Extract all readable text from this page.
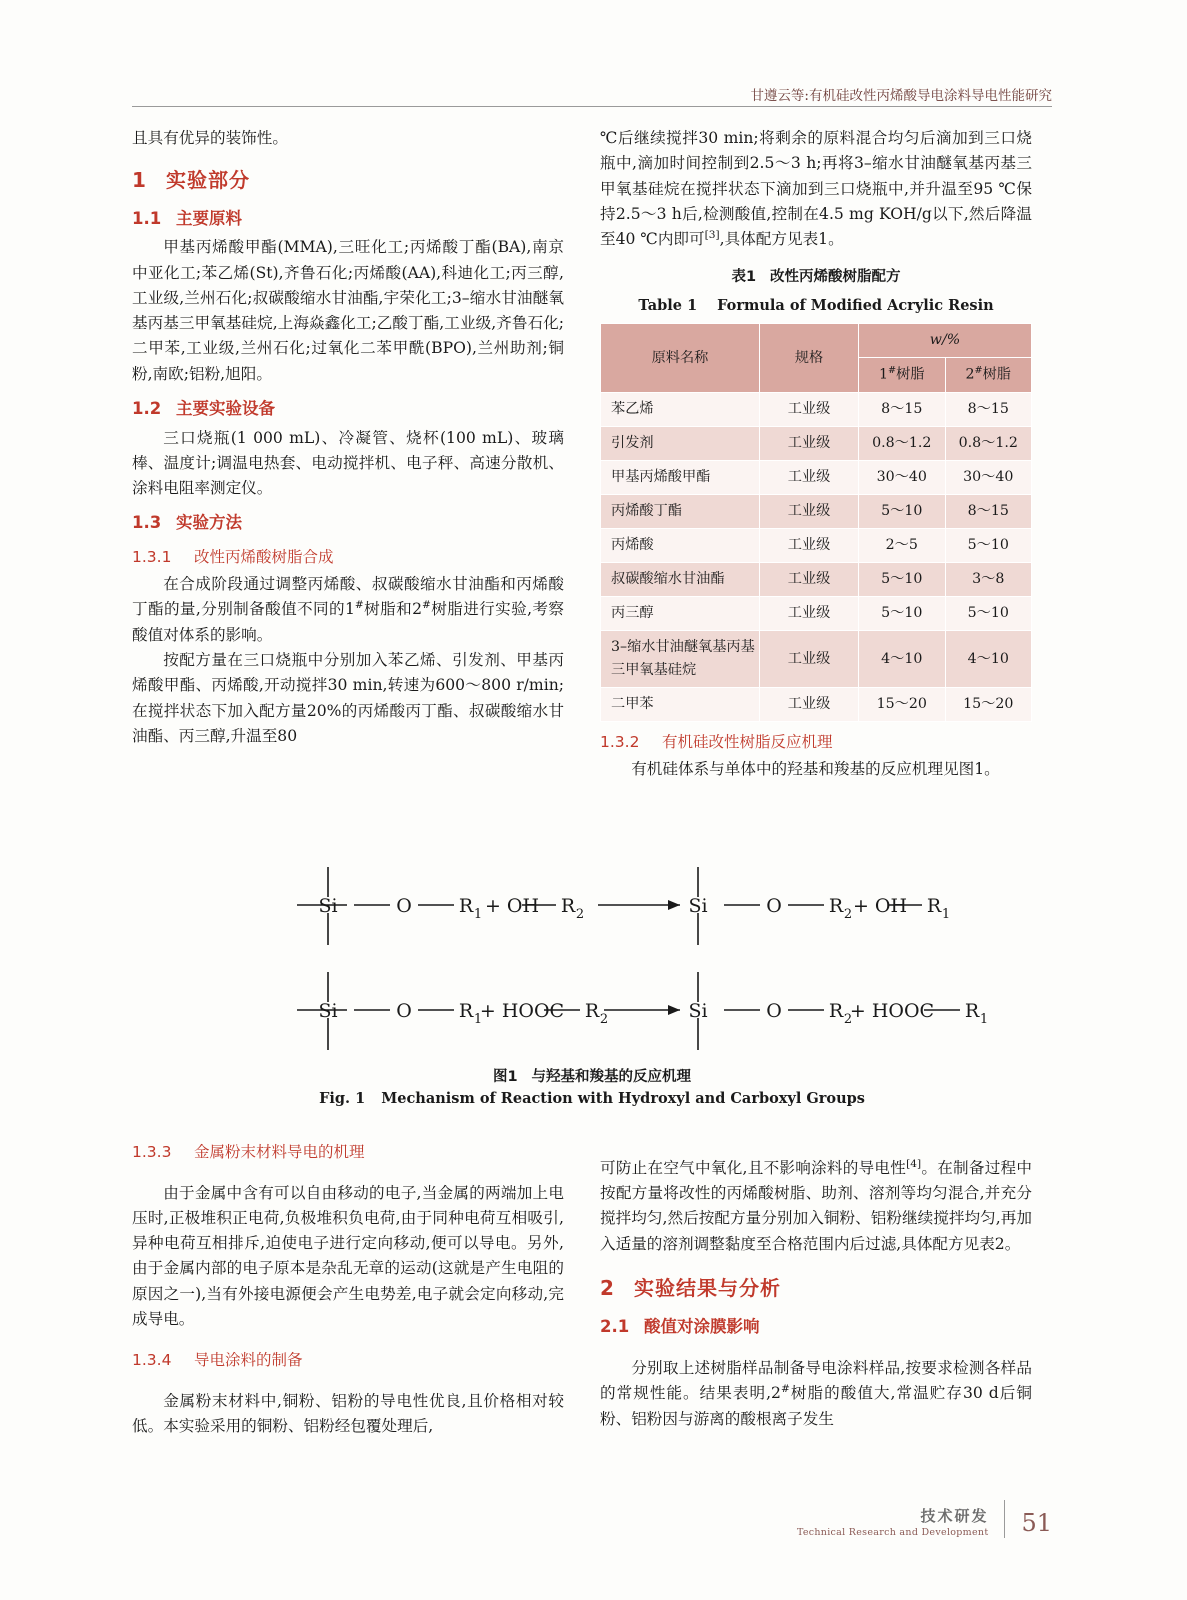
甘遵云等:有机硅改性丙烯酸导电涂料导电性能研究

且具有优异的装饰性。

1 实验部分
1.1 主要原料

甲基丙烯酸甲酯(MMA),三旺化工;丙烯酸丁酯(BA),南京中亚化工;苯乙烯(St),齐鲁石化;丙烯酸(AA),科迪化工;丙三醇,工业级,兰州石化;叔碳酸缩水甘油酯,宇荣化工;3–缩水甘油醚氧基丙基三甲氧基硅烷,上海焱鑫化工;乙酸丁酯,工业级,齐鲁石化;二甲苯,工业级,兰州石化;过氧化二苯甲酰(BPO),兰州助剂;铜粉,南欧;铝粉,旭阳。

1.2 主要实验设备

三口烧瓶(1 000 mL)、冷凝管、烧杯(100 mL)、玻璃棒、温度计;调温电热套、电动搅拌机、电子秤、高速分散机、涂料电阻率测定仪。

1.3 实验方法
1.3.1 改性丙烯酸树脂合成

在合成阶段通过调整丙烯酸、叔碳酸缩水甘油酯和丙烯酸丁酯的量,分别制备酸值不同的1#树脂和2#树脂进行实验,考察酸值对体系的影响。

按配方量在三口烧瓶中分别加入苯乙烯、引发剂、甲基丙烯酸甲酯、丙烯酸,开动搅拌30 min,转速为600～800 r/min;在搅拌状态下加入配方量20%的丙烯酸丙丁酯、叔碳酸缩水甘油酯、丙三醇,升温至80

℃后继续搅拌30 min;将剩余的原料混合均匀后滴加到三口烧瓶中,滴加时间控制到2.5～3 h;再将3–缩水甘油醚氧基丙基三甲氧基硅烷在搅拌状态下滴加到三口烧瓶中,并升温至95 ℃保持2.5～3 h后,检测酸值,控制在4.5 mg KOH/g以下,然后降温至40 ℃内即可[3],具体配方见表1。

表1 改性丙烯酸树脂配方
Table 1 Formula of Modified Acrylic Resin
原料名称	规格	w/%	
		1#树脂	2#树脂
苯乙烯	工业级	8～15	8～15
引发剂	工业级	0.8～1.2	0.8～1.2
甲基丙烯酸甲酯	工业级	30～40	30～40
丙烯酸丁酯	工业级	5～10	8～15
丙烯酸	工业级	2～5	5～10
叔碳酸缩水甘油酯	工业级	5～10	3～8
丙三醇	工业级	5～10	5～10
3–缩水甘油醚氧基丙基三甲氧基硅烷	工业级	4～10	4～10
二甲苯	工业级	15～20	15～20
1.3.2 有机硅改性树脂反应机理

有机硅体系与单体中的羟基和羧基的反应机理见图1。

Si	O R 1 + OH R 2	Si	O R 2 + OH R 1
Si	O R 1
+ HOOC R 2	Si	O R 2
+ HOOC R 1
图1 与羟基和羧基的反应机理
Fig. 1 Mechanism of Reaction with Hydroxyl and Carboxyl Groups
1.3.3 金属粉末材料导电的机理

由于金属中含有可以自由移动的电子,当金属的两端加上电压时,正极堆积正电荷,负极堆积负电荷,由于同种电荷互相吸引,异种电荷互相排斥,迫使电子进行定向移动,便可以导电。另外,由于金属内部的电子原本是杂乱无章的运动(这就是产生电阻的原因之一),当有外接电源便会产生电势差,电子就会定向移动,完成导电。

1.3.4 导电涂料的制备

金属粉末材料中,铜粉、铝粉的导电性优良,且价格相对较低。本实验采用的铜粉、铝粉经包覆处理后,

可防止在空气中氧化,且不影响涂料的导电性[4]。在制备过程中按配方量将改性的丙烯酸树脂、助剂、溶剂等均匀混合,并充分搅拌均匀,然后按配方量分别加入铜粉、铝粉继续搅拌均匀,再加入适量的溶剂调整黏度至合格范围内后过滤,具体配方见表2。

2 实验结果与分析
2.1 酸值对涂膜影响

分别取上述树脂样品制备导电涂料样品,按要求检测各样品的常规性能。结果表明,2#树脂的酸值大,常温贮存30 d后铜粉、铝粉因与游离的酸根离子发生

技术研发
Technical Research and Development 51
